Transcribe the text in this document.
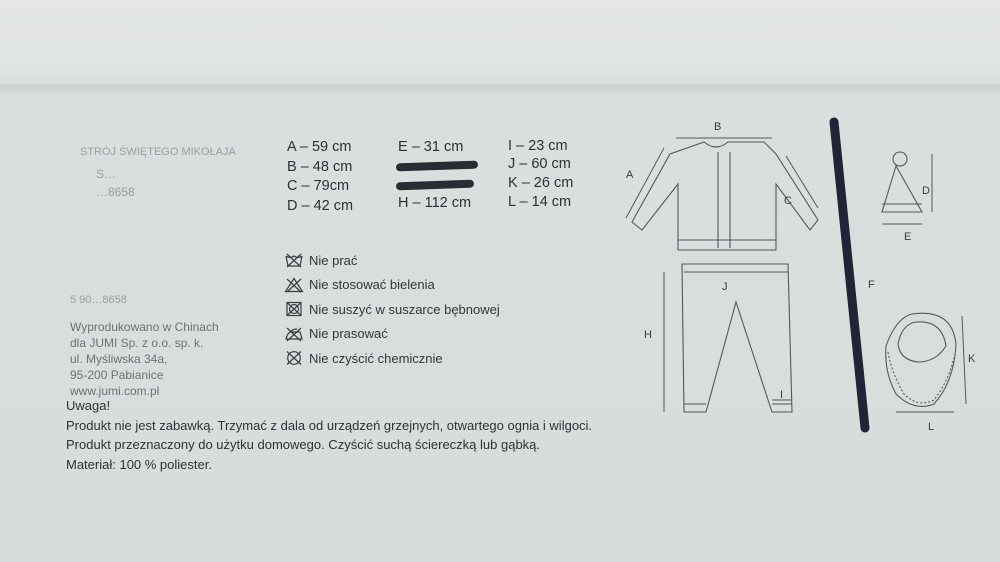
STRÓJ ŚWIĘTEGO MIKOŁAJA
S…
…8658
5 90…8658
A – 59 cm
B – 48 cm
C – 79cm
D – 42 cm
E – 31 cm
H – 112 cm
I – 23 cm
J – 60 cm
K – 26 cm
L – 14 cm
Nie prać
Nie stosować bielenia
Nie suszyć w suszarce bębnowej
Nie prasować
Nie czyścić chemicznie
Wyprodukowano w Chinach
dla JUMI Sp. z o.o. sp. k.
ul. Myśliwska 34a,
95-200 Pabianice
www.jumi.com.pl
Uwaga!
Produkt nie jest zabawką. Trzymać z dala od urządzeń grzejnych, otwartego ognia i wilgoci.
Produkt przeznaczony do użytku domowego. Czyścić suchą ściereczką lub gąbką.
Materiał: 100 % poliester.
B
A
C
J
H
I
F
D
E
K
L
